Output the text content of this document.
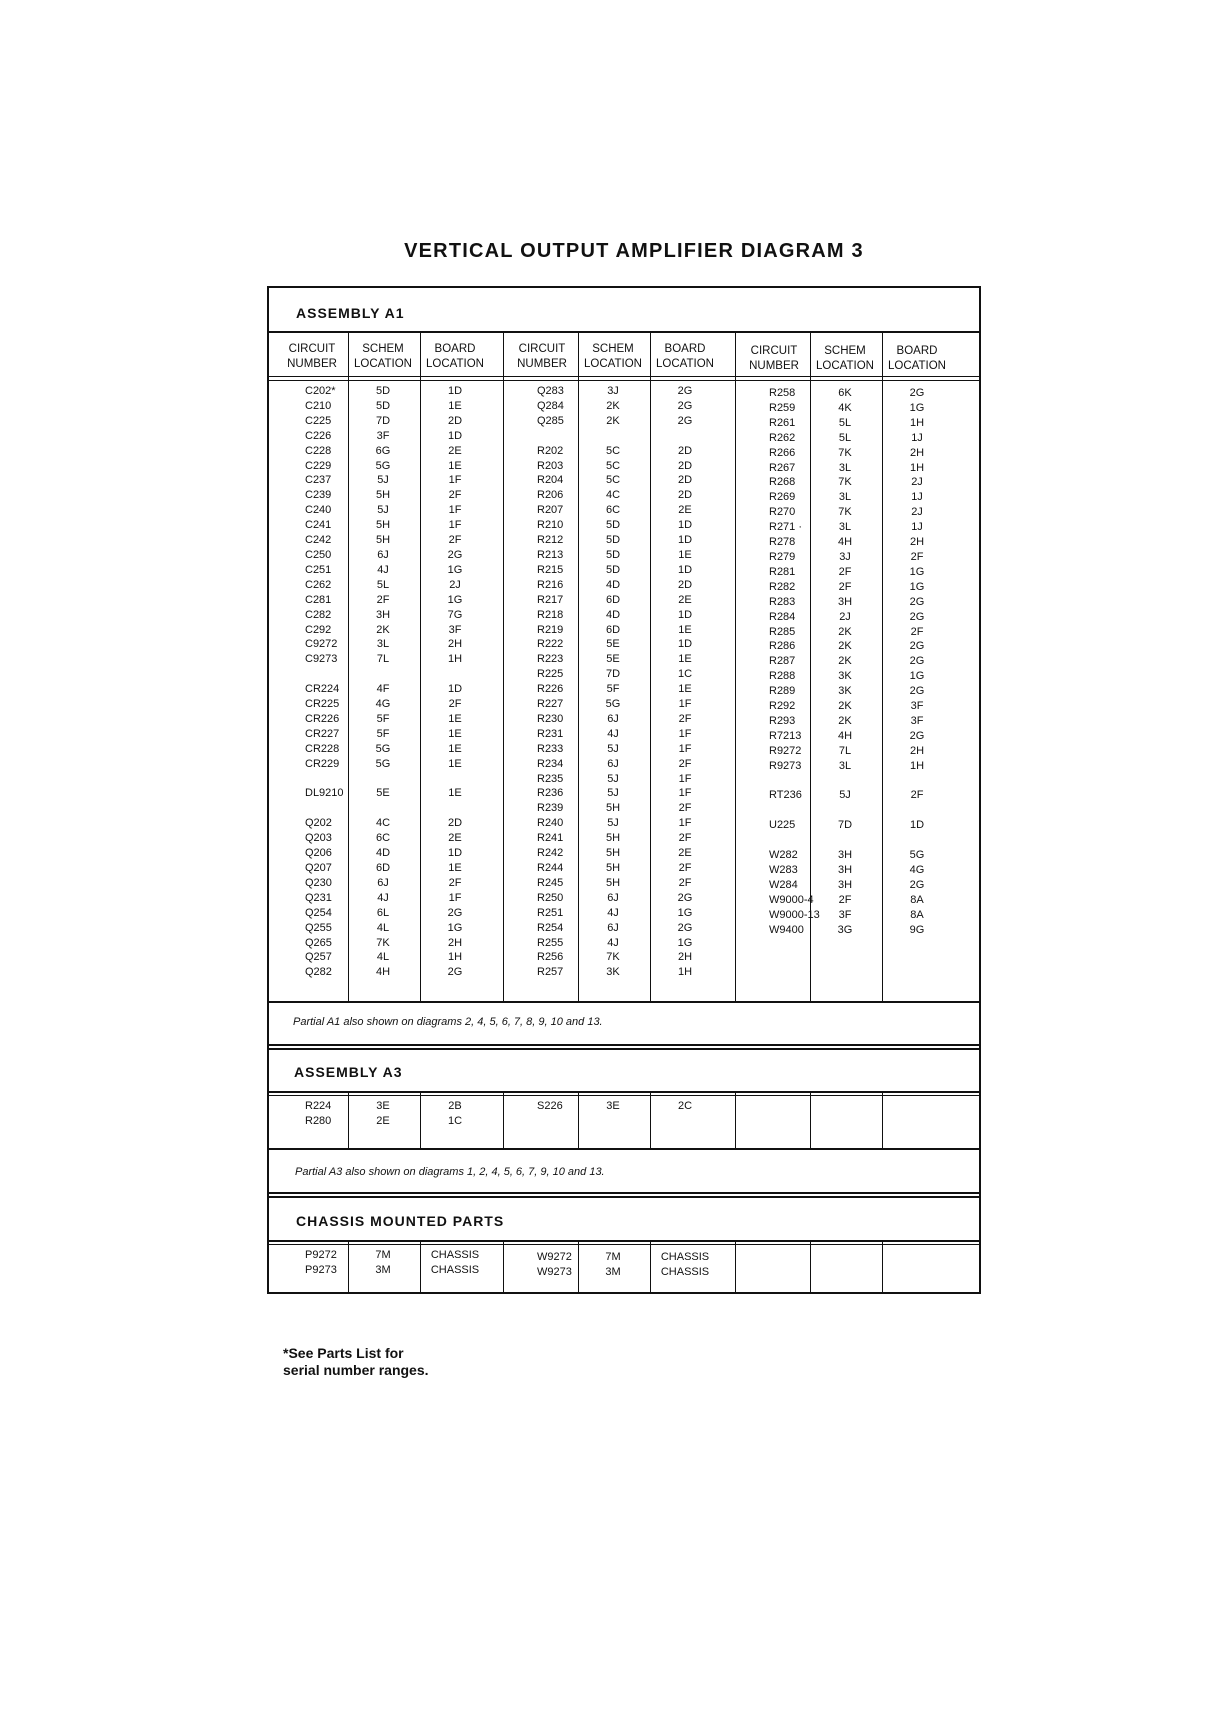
VERTICAL OUTPUT AMPLIFIER DIAGRAM 3
ASSEMBLY A1
CIRCUIT
NUMBER
SCHEM
LOCATION
BOARD
LOCATION
CIRCUIT
NUMBER
SCHEM
LOCATION
BOARD
LOCATION
CIRCUIT
NUMBER
SCHEM
LOCATION
BOARD
LOCATION
C202*
C210
C225
C226
C228
C229
C237
C239
C240
C241
C242
C250
C251
C262
C281
C282
C292
C9272
C9273

CR224
CR225
CR226
CR227
CR228
CR229

DL9210

Q202
Q203
Q206
Q207
Q230
Q231
Q254
Q255
Q265
Q257
Q282
5D
5D
7D
3F
6G
5G
5J
5H
5J
5H
5H
6J
4J
5L
2F
3H
2K
3L
7L

4F
4G
5F
5F
5G
5G

5E

4C
6C
4D
6D
6J
4J
6L
4L
7K
4L
4H
1D
1E
2D
1D
2E
1E
1F
2F
1F
1F
2F
2G
1G
2J
1G
7G
3F
2H
1H

1D
2F
1E
1E
1E
1E

1E

2D
2E
1D
1E
2F
1F
2G
1G
2H
1H
2G
Q283
Q284
Q285

R202
R203
R204
R206
R207
R210
R212
R213
R215
R216
R217
R218
R219
R222
R223
R225
R226
R227
R230
R231
R233
R234
R235
R236
R239
R240
R241
R242
R244
R245
R250
R251
R254
R255
R256
R257
3J
2K
2K

5C
5C
5C
4C
6C
5D
5D
5D
5D
4D
6D
4D
6D
5E
5E
7D
5F
5G
6J
4J
5J
6J
5J
5J
5H
5J
5H
5H
5H
5H
6J
4J
6J
4J
7K
3K
2G
2G
2G

2D
2D
2D
2D
2E
1D
1D
1E
1D
2D
2E
1D
1E
1D
1E
1C
1E
1F
2F
1F
1F
2F
1F
1F
2F
1F
2F
2E
2F
2F
2G
1G
2G
1G
2H
1H
R258
R259
R261
R262
R266
R267
R268
R269
R270
R271 ·
R278
R279
R281
R282
R283
R284
R285
R286
R287
R288
R289
R292
R293
R7213
R9272
R9273

RT236

U225

W282
W283
W284
W9000-4
W9000-13
W9400
6K
4K
5L
5L
7K
3L
7K
3L
7K
3L
4H
3J
2F
2F
3H
2J
2K
2K
2K
3K
3K
2K
2K
4H
7L
3L

5J

7D

3H
3H
3H
2F
3F
3G
2G
1G
1H
1J
2H
1H
2J
1J
2J
1J
2H
2F
1G
1G
2G
2G
2F
2G
2G
1G
2G
3F
3F
2G
2H
1H

2F

1D

5G
4G
2G
8A
8A
9G
Partial A1 also shown on diagrams 2, 4, 5, 6, 7, 8, 9, 10 and 13.
ASSEMBLY A3
R224
R280
3E
2E
2B
1C
S226	3E	2C
Partial A3 also shown on diagrams 1, 2, 4, 5, 6, 7, 9, 10 and 13.
CHASSIS MOUNTED PARTS
P9272
P9273
7M
3M
CHASSIS
CHASSIS
W9272
W9273
7M
3M
CHASSIS
CHASSIS
*See Parts List for
serial number ranges.
